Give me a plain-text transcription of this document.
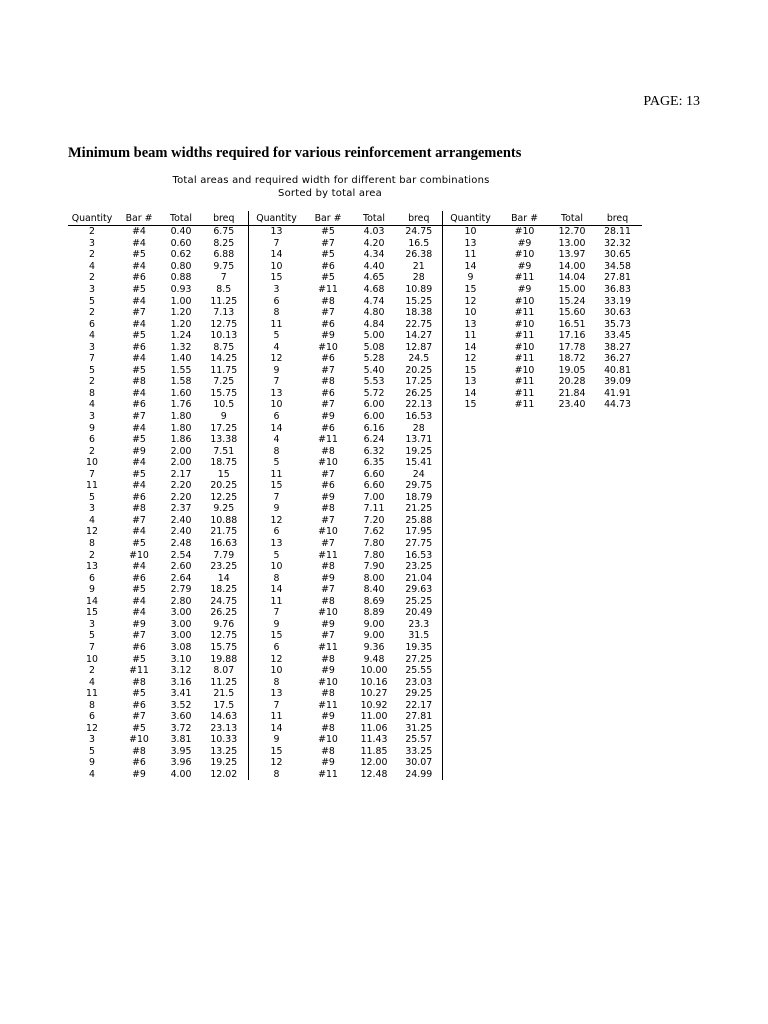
PAGE: 13
Minimum beam widths required for various reinforcement arrangements
Total areas and required width for different bar combinations
Sorted by total area
Quantity	Bar #	Total	breq
2	#4	0.40	6.75
3	#4	0.60	8.25
2	#5	0.62	6.88
4	#4	0.80	9.75
2	#6	0.88	7
3	#5	0.93	8.5
5	#4	1.00	11.25
2	#7	1.20	7.13
6	#4	1.20	12.75
4	#5	1.24	10.13
3	#6	1.32	8.75
7	#4	1.40	14.25
5	#5	1.55	11.75
2	#8	1.58	7.25
8	#4	1.60	15.75
4	#6	1.76	10.5
3	#7	1.80	9
9	#4	1.80	17.25
6	#5	1.86	13.38
2	#9	2.00	7.51
10	#4	2.00	18.75
7	#5	2.17	15
11	#4	2.20	20.25
5	#6	2.20	12.25
3	#8	2.37	9.25
4	#7	2.40	10.88
12	#4	2.40	21.75
8	#5	2.48	16.63
2	#10	2.54	7.79
13	#4	2.60	23.25
6	#6	2.64	14
9	#5	2.79	18.25
14	#4	2.80	24.75
15	#4	3.00	26.25
3	#9	3.00	9.76
5	#7	3.00	12.75
7	#6	3.08	15.75
10	#5	3.10	19.88
2	#11	3.12	8.07
4	#8	3.16	11.25
11	#5	3.41	21.5
8	#6	3.52	17.5
6	#7	3.60	14.63
12	#5	3.72	23.13
3	#10	3.81	10.33
5	#8	3.95	13.25
9	#6	3.96	19.25
4	#9	4.00	12.02
Quantity	Bar #	Total	breq
13	#5	4.03	24.75
7	#7	4.20	16.5
14	#5	4.34	26.38
10	#6	4.40	21
15	#5	4.65	28
3	#11	4.68	10.89
6	#8	4.74	15.25
8	#7	4.80	18.38
11	#6	4.84	22.75
5	#9	5.00	14.27
4	#10	5.08	12.87
12	#6	5.28	24.5
9	#7	5.40	20.25
7	#8	5.53	17.25
13	#6	5.72	26.25
10	#7	6.00	22.13
6	#9	6.00	16.53
14	#6	6.16	28
4	#11	6.24	13.71
8	#8	6.32	19.25
5	#10	6.35	15.41
11	#7	6.60	24
15	#6	6.60	29.75
7	#9	7.00	18.79
9	#8	7.11	21.25
12	#7	7.20	25.88
6	#10	7.62	17.95
13	#7	7.80	27.75
5	#11	7.80	16.53
10	#8	7.90	23.25
8	#9	8.00	21.04
14	#7	8.40	29.63
11	#8	8.69	25.25
7	#10	8.89	20.49
9	#9	9.00	23.3
15	#7	9.00	31.5
6	#11	9.36	19.35
12	#8	9.48	27.25
10	#9	10.00	25.55
8	#10	10.16	23.03
13	#8	10.27	29.25
7	#11	10.92	22.17
11	#9	11.00	27.81
14	#8	11.06	31.25
9	#10	11.43	25.57
15	#8	11.85	33.25
12	#9	12.00	30.07
8	#11	12.48	24.99
Quantity	Bar #	Total	breq
10	#10	12.70	28.11
13	#9	13.00	32.32
11	#10	13.97	30.65
14	#9	14.00	34.58
9	#11	14.04	27.81
15	#9	15.00	36.83
12	#10	15.24	33.19
10	#11	15.60	30.63
13	#10	16.51	35.73
11	#11	17.16	33.45
14	#10	17.78	38.27
12	#11	18.72	36.27
15	#10	19.05	40.81
13	#11	20.28	39.09
14	#11	21.84	41.91
15	#11	23.40	44.73
